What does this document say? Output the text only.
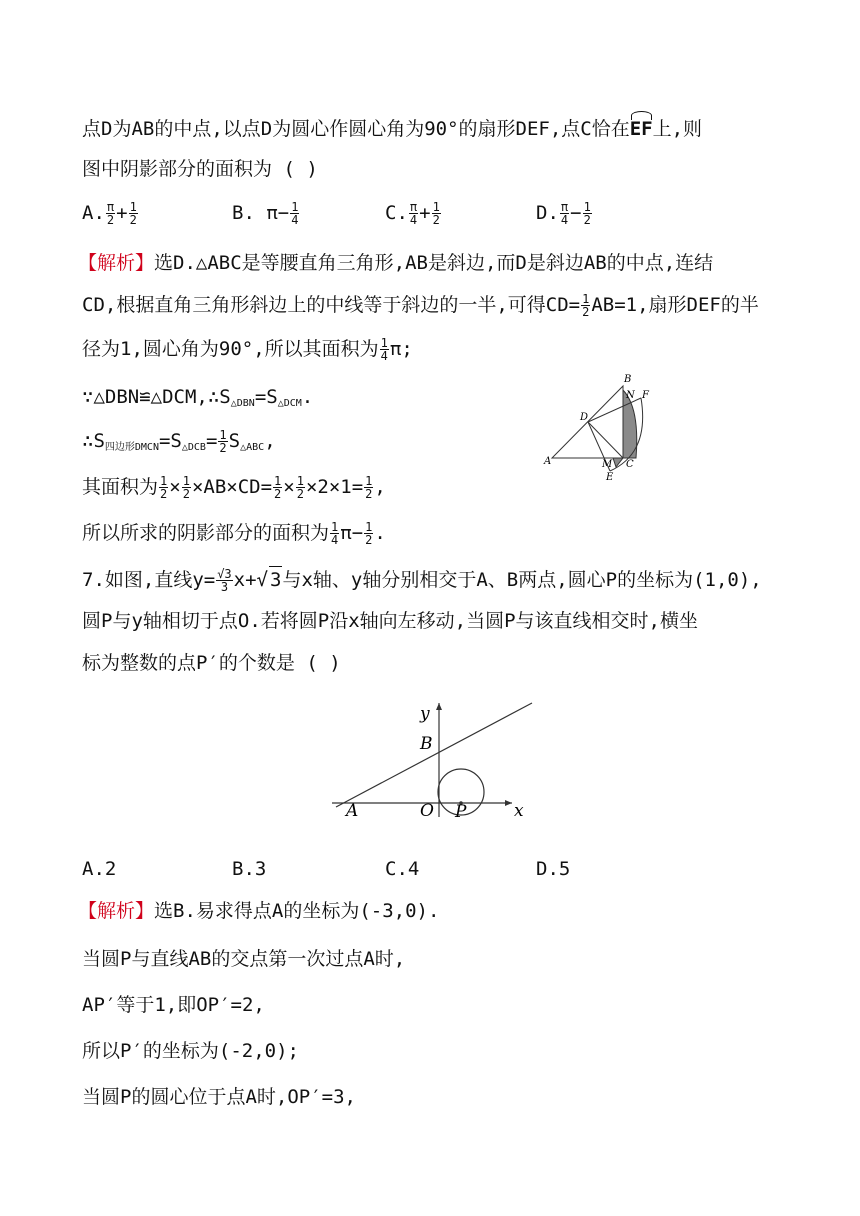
点D为AB的中点,以点D为圆心作圆心角为90°的扇形DEF,点C恰在EF上,则
图中阴影部分的面积为 ( )
A. $\frac{\pi}{2} + \frac{1}{2}$	B. $\pi- \frac{1}{4}$	C. $\frac{\pi}{4} + \frac{1}{2}$	D. $\frac{\pi}{4} - \frac{1}{2}$
【解析】选D.△ABC是等腰直角三角形,AB是斜边,而D是斜边AB的中点,连结
CD,根据直角三角形斜边上的中线等于斜边的一半,可得$CD= \frac{1}{2} AB=1$,扇形DEF的半
径为1,圆心角为90°,所以其面积为 $\frac{1}{4} \pi$;
$\because\triangle DBN≌\triangle DCM,\therefore S_{\triangle DBN}=S_{\triangle DCM}$.
$\therefore S_{四边形DMCN}=S_{\triangle DCB}= \frac{1}{2} S_{\triangle ABC}$,
其面积为 $\frac{1}{2} \times \frac{1}{2} \times AB\times CD= \frac{1}{2} \times \frac{1}{2} \times 2\times 1= \frac{1}{2}$ ,
所以所求的阴影部分的面积为 $\frac{1}{4} \pi- \frac{1}{2}$ .
B
N F
D
A	M C
E
7.如图,直线$y= \frac{√3}{3} x+√$ 3与x轴、y轴分别相交于A、B两点,圆心P的坐标为(1,0),
圆P与y轴相切于点O.若将圆P沿x轴向左移动,当圆P与该直线相交时,横坐
标为整数的点P′的个数是 ( )
y
B
A	O P	x
A.2	B.3	C.4	D.5
【解析】选B.易求得点A的坐标为(-3,0).
当圆P与直线AB的交点第一次过点A时,
AP′等于1,即OP′=2,
所以P′的坐标为(-2,0);
当圆P的圆心位于点A时,OP′=3,
